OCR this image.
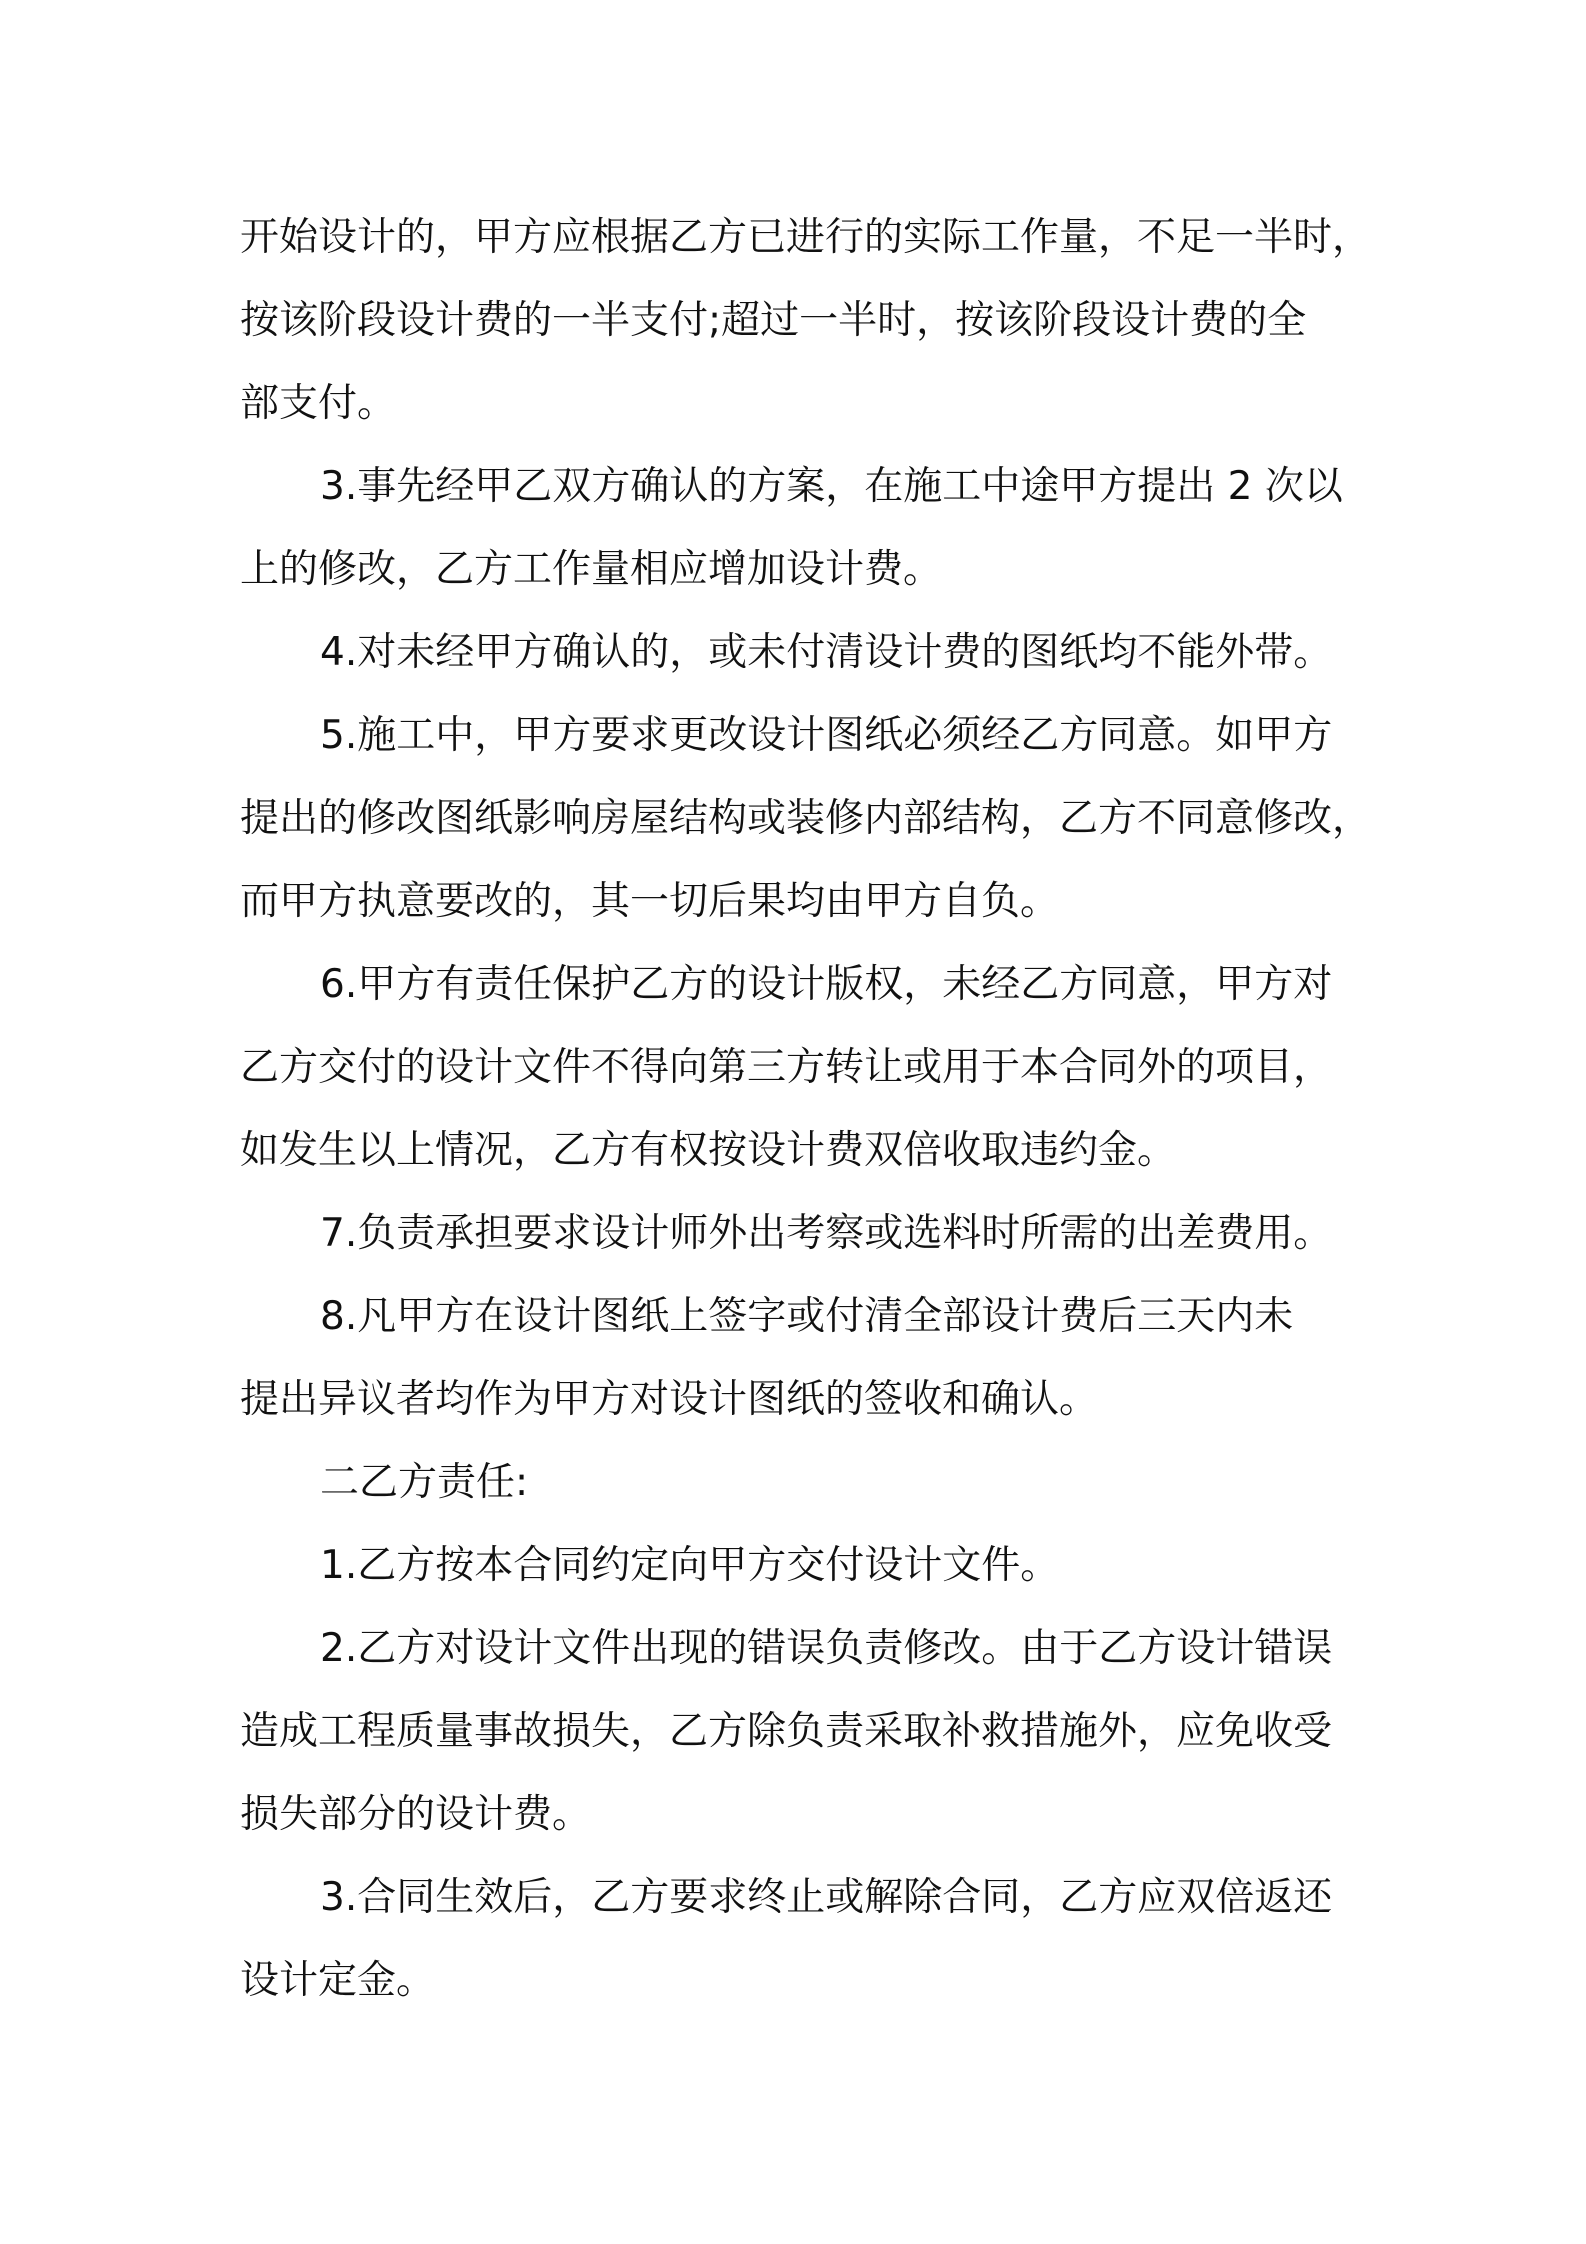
开始设计的，甲方应根据乙方已进行的实际工作量，不足一半时，
按该阶段设计费的一半支付;超过一半时，按该阶段设计费的全
部支付。
3.事先经甲乙双方确认的方案，在施工中途甲方提出 2 次以
上的修改，乙方工作量相应增加设计费。
4.对未经甲方确认的，或未付清设计费的图纸均不能外带。
5.施工中，甲方要求更改设计图纸必须经乙方同意。如甲方
提出的修改图纸影响房屋结构或装修内部结构，乙方不同意修改，
而甲方执意要改的，其一切后果均由甲方自负。
6.甲方有责任保护乙方的设计版权，未经乙方同意，甲方对
乙方交付的设计文件不得向第三方转让或用于本合同外的项目，
如发生以上情况，乙方有权按设计费双倍收取违约金。
7.负责承担要求设计师外出考察或选料时所需的出差费用。
8.凡甲方在设计图纸上签字或付清全部设计费后三天内未
提出异议者均作为甲方对设计图纸的签收和确认。
二乙方责任:
1.乙方按本合同约定向甲方交付设计文件。
2.乙方对设计文件出现的错误负责修改。由于乙方设计错误
造成工程质量事故损失，乙方除负责采取补救措施外，应免收受
损失部分的设计费。
3.合同生效后，乙方要求终止或解除合同，乙方应双倍返还
设计定金。
